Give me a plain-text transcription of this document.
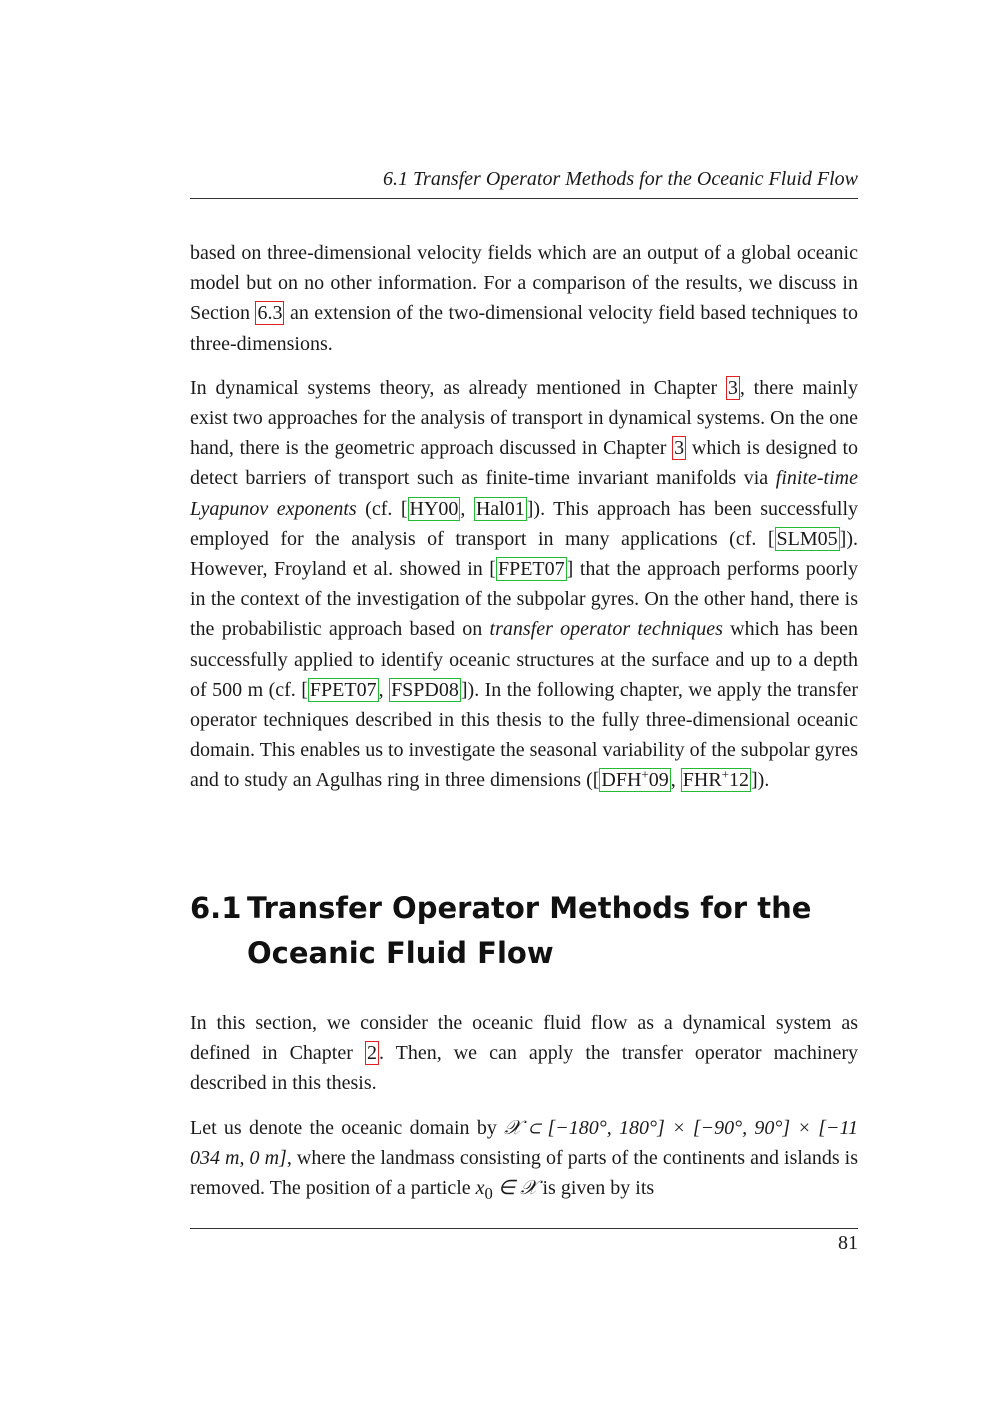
6.1 Transfer Operator Methods for the Oceanic Fluid Flow

based on three-dimensional velocity fields which are an output of a global oceanic model but on no other information. For a comparison of the results, we discuss in Section 6.3 an extension of the two-dimensional velocity field based techniques to three-dimensions.

In dynamical systems theory, as already mentioned in Chapter 3 , there mainly exist two approaches for the analysis of transport in dynamical systems. On the one hand, there is the geometric approach discussed in Chapter 3 which is designed to detect barriers of transport such as finite-time invariant manifolds via finite-time Lyapunov exponents (cf. [ HY00 , Hal01 ]). This approach has been successfully employed for the analysis of transport in many applications (cf. [ SLM05 ]). However, Froyland et al. showed in [ FPET07 ] that the approach performs poorly in the context of the investigation of the subpolar gyres. On the other hand, there is the probabilistic approach based on transfer operator techniques which has been successfully applied to identify oceanic structures at the surface and up to a depth of 500 m (cf. [ FPET07 , FSPD08 ]). In the following chapter, we apply the transfer operator techniques described in this thesis to the fully three-dimensional oceanic domain. This enables us to investigate the seasonal variability of the subpolar gyres and to study an Agulhas ring in three dimensions ([ DFH+09 , FHR+12 ]).

6.1 Transfer Operator Methods for the Oceanic Fluid Flow

In this section, we consider the oceanic fluid flow as a dynamical system as defined in Chapter 2 . Then, we can apply the transfer operator machinery described in this thesis.

Let us denote the oceanic domain by 𝒳 ⊂ [−180°, 180°] × [−90°, 90°] × [−11 034 m, 0 m], where the landmass consisting of parts of the continents and islands is removed. The position of a particle $x_0$ ∈ 𝒳 is given by its

81
